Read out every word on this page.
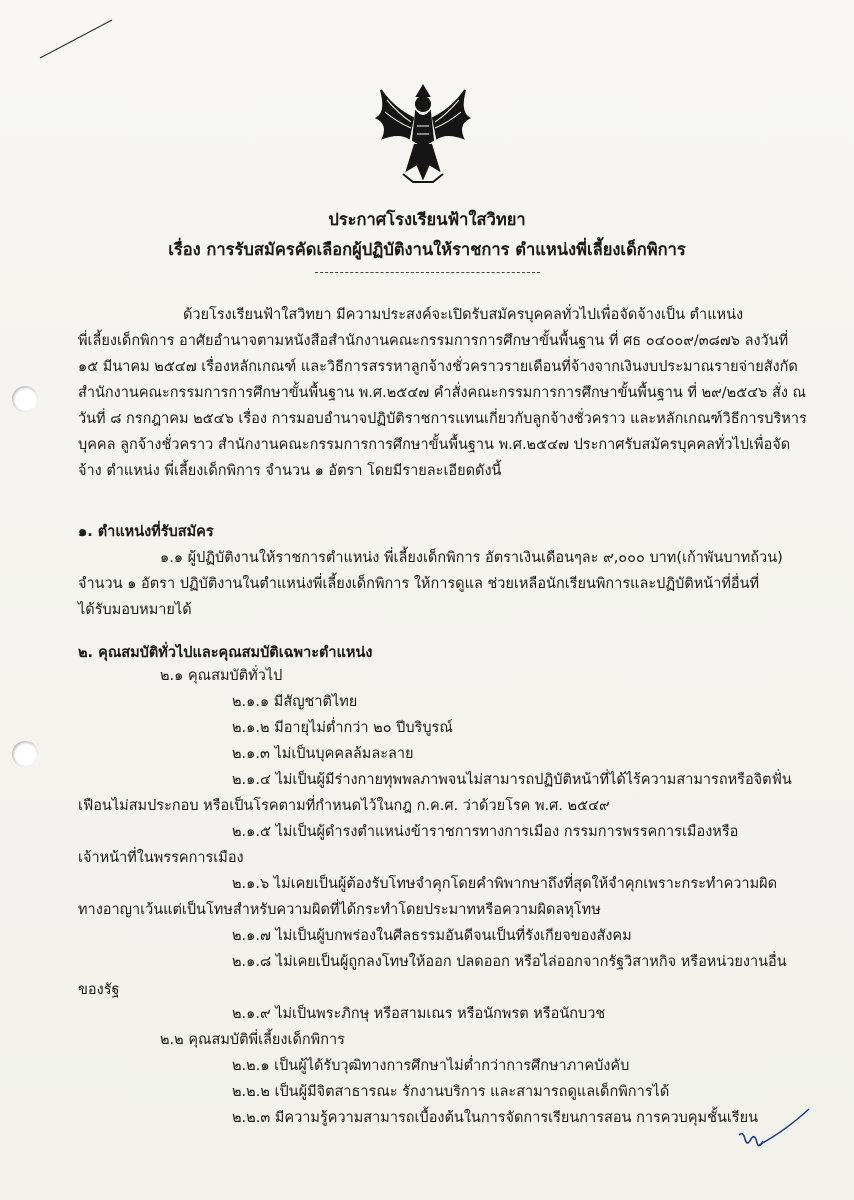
ประกาศโรงเรียนฟ้าใสวิทยา
เรื่อง การรับสมัครคัดเลือกผู้ปฏิบัติงานให้ราชการ ตำแหน่งพี่เลี้ยงเด็กพิการ
ด้วยโรงเรียนฟ้าใสวิทยา มีความประสงค์จะเปิดรับสมัครบุคคลทั่วไปเพื่อจัดจ้างเป็น ตำแหน่ง
พี่เลี้ยงเด็กพิการ อาศัยอำนาจตามหนังสือสำนักงานคณะกรรมการการศึกษาขั้นพื้นฐาน ที่ ศธ ๐๔๐๐๙/๓๘๗๖ ลงวันที่
๑๕ มีนาคม ๒๕๔๗ เรื่องหลักเกณฑ์ และวิธีการสรรหาลูกจ้างชั่วคราวรายเดือนที่จ้างจากเงินงบประมาณรายจ่ายสังกัด
สำนักงานคณะกรรมการการศึกษาขั้นพื้นฐาน พ.ศ.๒๕๔๗ คำสั่งคณะกรรมการการศึกษาขั้นพื้นฐาน ที่ ๒๙/๒๕๔๖ สั่ง ณ
วันที่ ๘ กรกฎาคม ๒๕๔๖ เรื่อง การมอบอำนาจปฏิบัติราชการแทนเกี่ยวกับลูกจ้างชั่วคราว และหลักเกณฑ์วิธีการบริหาร
บุคคล ลูกจ้างชั่วคราว สำนักงานคณะกรรมการการศึกษาขั้นพื้นฐาน พ.ศ.๒๕๔๗ ประกาศรับสมัครบุคคลทั่วไปเพื่อจัด
จ้าง ตำแหน่ง พี่เลี้ยงเด็กพิการ จำนวน ๑ อัตรา โดยมีรายละเอียดดังนี้
๑. ตำแหน่งที่รับสมัคร
๑.๑ ผู้ปฏิบัติงานให้ราชการตำแหน่ง พี่เลี้ยงเด็กพิการ อัตราเงินเดือนๆละ ๙,๐๐๐ บาท(เก้าพันบาทถ้วน)
จำนวน ๑ อัตรา ปฏิบัติงานในตำแหน่งพี่เลี้ยงเด็กพิการ ให้การดูแล ช่วยเหลือนักเรียนพิการและปฏิบัติหน้าที่อื่นที่
ได้รับมอบหมายได้
๒. คุณสมบัติทั่วไปและคุณสมบัติเฉพาะตำแหน่ง
๒.๑ คุณสมบัติทั่วไป
๒.๑.๑ มีสัญชาติไทย
๒.๑.๒ มีอายุไม่ต่ำกว่า ๒๐ ปีบริบูรณ์
๒.๑.๓ ไม่เป็นบุคคลล้มละลาย
๒.๑.๔ ไม่เป็นผู้มีร่างกายทุพพลภาพจนไม่สามารถปฏิบัติหน้าที่ได้ไร้ความสามารถหรือจิตฟั่น
เฟือนไม่สมประกอบ หรือเป็นโรคตามที่กำหนดไว้ในกฎ ก.ค.ศ. ว่าด้วยโรค พ.ศ. ๒๕๔๙
๒.๑.๕ ไม่เป็นผู้ดำรงตำแหน่งข้าราชการทางการเมือง กรรมการพรรคการเมืองหรือ
เจ้าหน้าที่ในพรรคการเมือง
๒.๑.๖ ไม่เคยเป็นผู้ต้องรับโทษจำคุกโดยคำพิพากษาถึงที่สุดให้จำคุกเพราะกระทำความผิด
ทางอาญาเว้นแต่เป็นโทษสำหรับความผิดที่ได้กระทำโดยประมาทหรือความผิดลหุโทษ
๒.๑.๗ ไม่เป็นผู้บกพร่องในศีลธรรมอันดีจนเป็นที่รังเกียจของสังคม
๒.๑.๘ ไม่เคยเป็นผู้ถูกลงโทษให้ออก ปลดออก หรือไล่ออกจากรัฐวิสาหกิจ หรือหน่วยงานอื่น
ของรัฐ
๒.๑.๙ ไม่เป็นพระภิกษุ หรือสามเณร หรือนักพรต หรือนักบวช
๒.๒ คุณสมบัติพี่เลี้ยงเด็กพิการ
๒.๒.๑ เป็นผู้ได้รับวุฒิทางการศึกษาไม่ต่ำกว่าการศึกษาภาคบังคับ
๒.๒.๒ เป็นผู้มีจิตสาธารณะ รักงานบริการ และสามารถดูแลเด็กพิการได้
๒.๒.๓ มีความรู้ความสามารถเบื้องต้นในการจัดการเรียนการสอน การควบคุมชั้นเรียน
